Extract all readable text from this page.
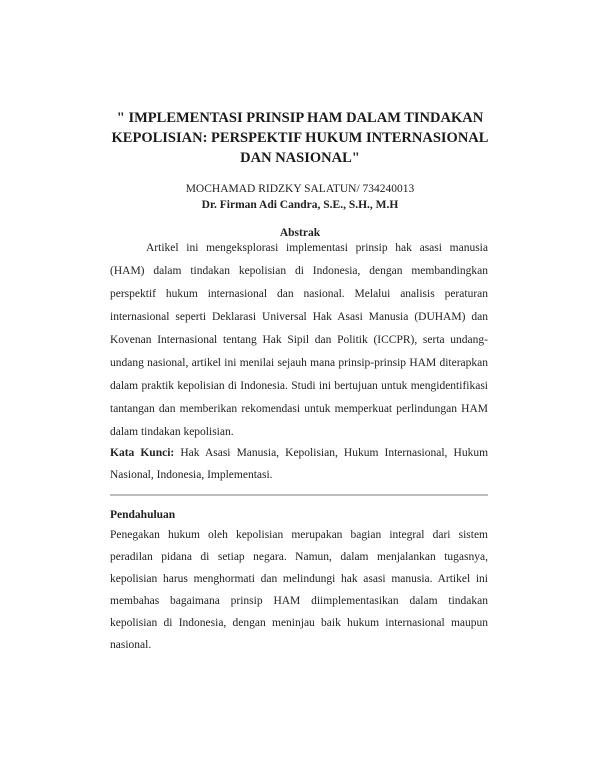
" IMPLEMENTASI PRINSIP HAM DALAM TINDAKAN
KEPOLISIAN: PERSPEKTIF HUKUM INTERNASIONAL
DAN NASIONAL"

MOCHAMAD RIDZKY SALATUN/ 734240013

Dr. Firman Adi Candra, S.E., S.H., M.H

Abstrak

Artikel ini mengeksplorasi implementasi prinsip hak asasi manusia

(HAM) dalam tindakan kepolisian di Indonesia, dengan membandingkan

perspektif hukum internasional dan nasional. Melalui analisis peraturan

internasional seperti Deklarasi Universal Hak Asasi Manusia (DUHAM) dan

Kovenan Internasional tentang Hak Sipil dan Politik (ICCPR), serta undang-

undang nasional, artikel ini menilai sejauh mana prinsip-prinsip HAM diterapkan

dalam praktik kepolisian di Indonesia. Studi ini bertujuan untuk mengidentifikasi

tantangan dan memberikan rekomendasi untuk memperkuat perlindungan HAM

dalam tindakan kepolisian.

Kata Kunci: Hak Asasi Manusia, Kepolisian, Hukum Internasional, Hukum

Nasional, Indonesia, Implementasi.

Pendahuluan

Penegakan hukum oleh kepolisian merupakan bagian integral dari sistem

peradilan pidana di setiap negara. Namun, dalam menjalankan tugasnya,

kepolisian harus menghormati dan melindungi hak asasi manusia. Artikel ini

membahas bagaimana prinsip HAM diimplementasikan dalam tindakan

kepolisian di Indonesia, dengan meninjau baik hukum internasional maupun

nasional.
